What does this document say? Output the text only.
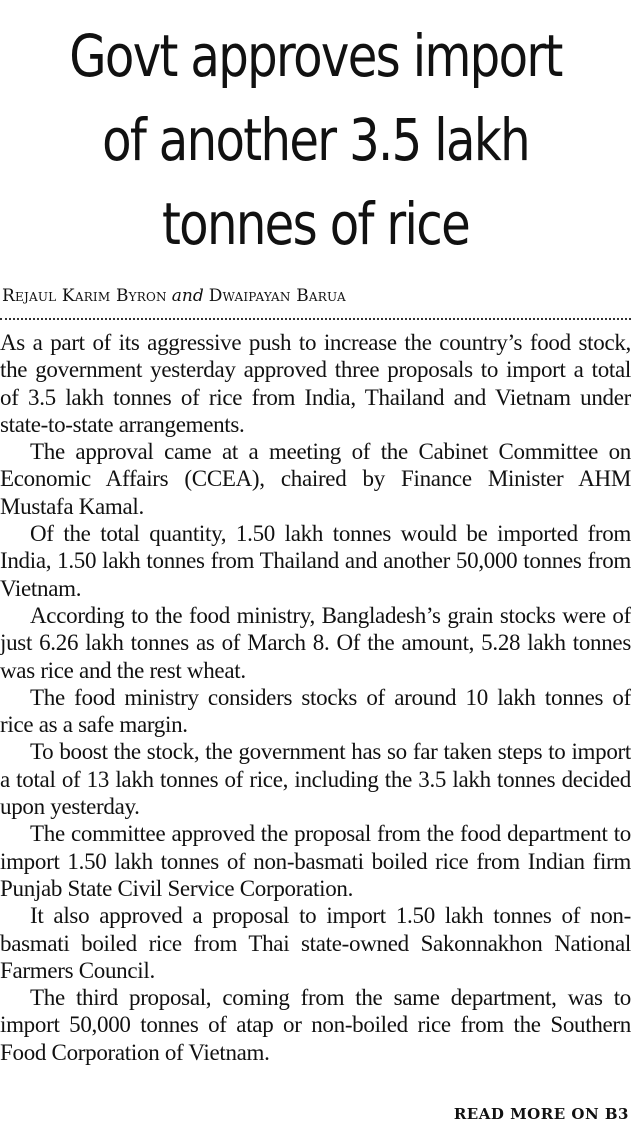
Govt approves import
of another 3.5 lakh
tonnes of rice
Rejaul Karim Byron and Dwaipayan Barua

As a part of its aggressive push to increase the country’s food stock, the government yesterday approved three proposals to import a total of 3.5 lakh tonnes of rice from India, Thailand and Vietnam under state-to-state arrangements.

The approval came at a meeting of the Cabinet Committee on Economic Affairs (CCEA), chaired by Finance Minister AHM Mustafa Kamal.

Of the total quantity, 1.50 lakh tonnes would be imported from India, 1.50 lakh tonnes from Thailand and another 50,000 tonnes from Vietnam.

According to the food ministry, Bangladesh’s grain stocks were of just 6.26 lakh tonnes as of March 8. Of the amount, 5.28 lakh tonnes was rice and the rest wheat.

The food ministry considers stocks of around 10 lakh tonnes of rice as a safe margin.

To boost the stock, the government has so far taken steps to import a total of 13 lakh tonnes of rice, including the 3.5 lakh tonnes decided upon yesterday.

The committee approved the proposal from the food department to import 1.50 lakh tonnes of non-basmati boiled rice from Indian firm Punjab State Civil Service Corporation.

It also approved a proposal to import 1.50 lakh tonnes of non-basmati boiled rice from Thai state-owned Sakonnakhon National Farmers Council.

The third proposal, coming from the same department, was to import 50,000 tonnes of atap or non-boiled rice from the Southern Food Corporation of Vietnam.

READ MORE ON B3
